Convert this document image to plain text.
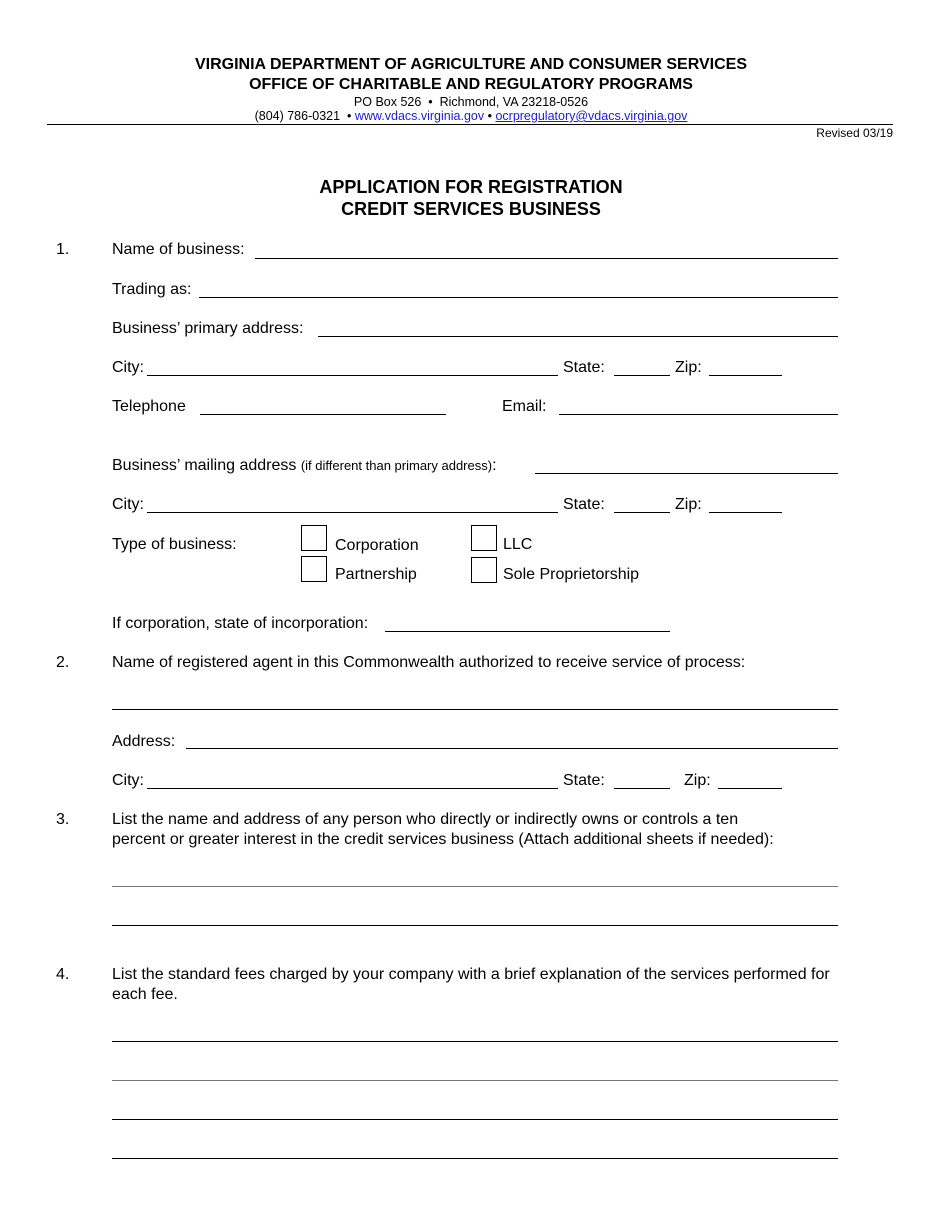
VIRGINIA DEPARTMENT OF AGRICULTURE AND CONSUMER SERVICES
OFFICE OF CHARITABLE AND REGULATORY PROGRAMS
PO Box 526  •  Richmond, VA 23218-0526
(804) 786-0321  • www.vdacs.virginia.gov • ocrpregulatory@vdacs.virginia.gov
Revised 03/19
APPLICATION FOR REGISTRATION
CREDIT SERVICES BUSINESS
1.	Name of business:
Trading as:
Business’ primary address:
City:	State:	Zip:
Telephone	Email:
Business’ mailing address (if different than primary address):
City:	State:	Zip:
Type of business:	Corporation	LLC
Partnership	Sole Proprietorship
If corporation, state of incorporation:
2.	Name of registered agent in this Commonwealth authorized to receive service of process:
Address:
City:	State:	Zip:
3.	List the name and address of any person who directly or indirectly owns or controls a ten
percent or greater interest in the credit services business (Attach additional sheets if needed):
4.	List the standard fees charged by your company with a brief explanation of the services performed for
each fee.
